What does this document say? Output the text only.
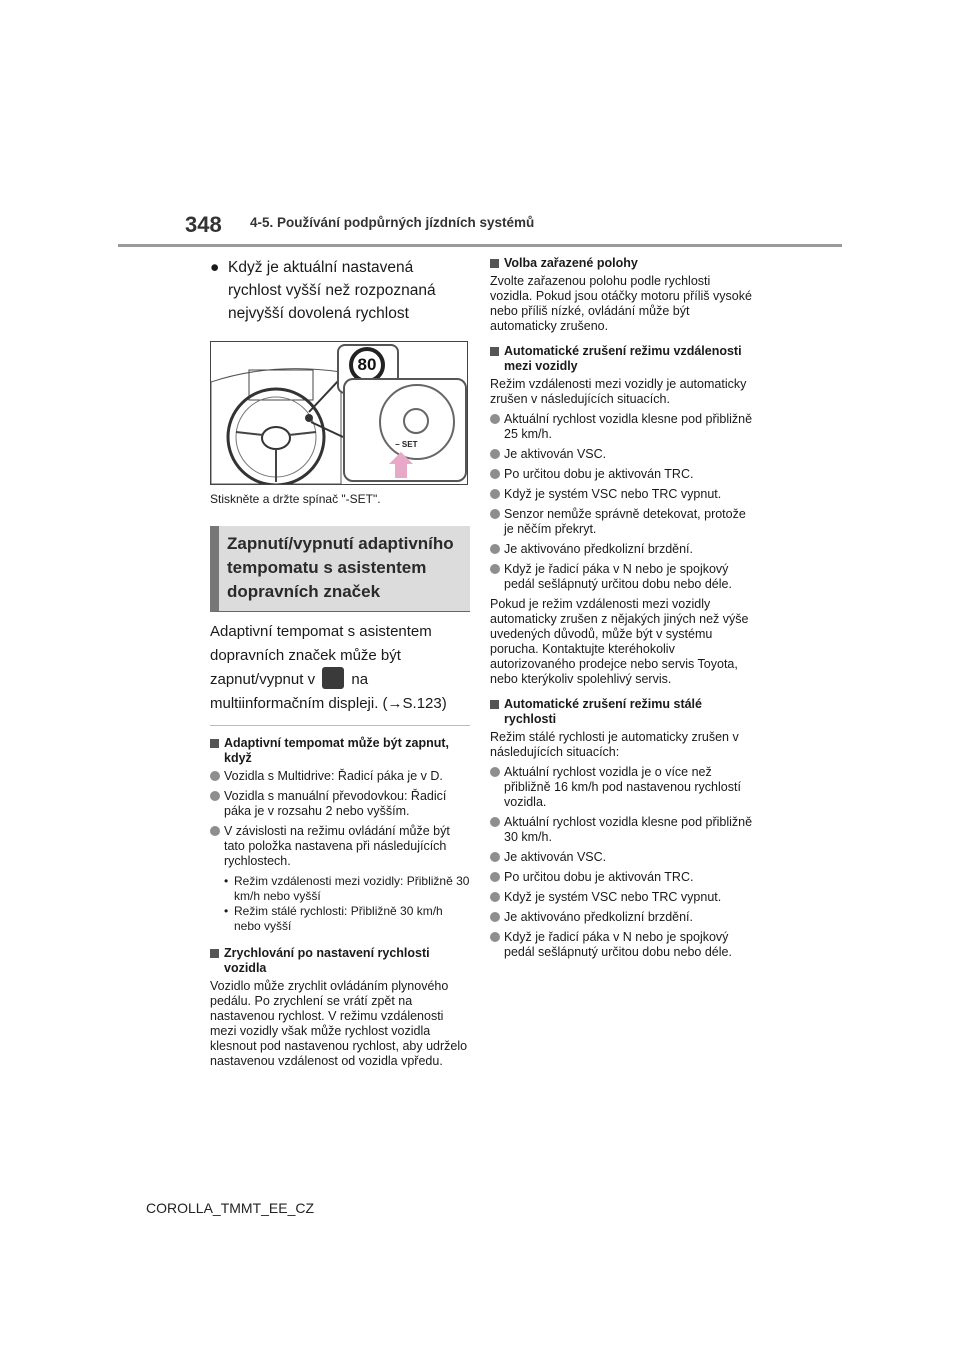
348 4-5. Používání podpůrných jízdních systémů
● Když je aktuální nastavená rychlost vyšší než rozpoznaná nejvyšší dovolená rychlost
80
− SET
Stiskněte a držte spínač "-SET".
Zapnutí/vypnutí adaptivního tempomatu s asistentem dopravních značek
Adaptivní tempomat s asistentem dopravních značek může být zapnut/vypnut v na multiinformačním displeji. (→S.123)
Adaptivní tempomat může být zapnut, když
Vozidla s Multidrive: Řadicí páka je v D.
Vozidla s manuální převodovkou: Řadicí páka je v rozsahu 2 nebo vyšším.
V závislosti na režimu ovládání může být tato položka nastavena při následujících rychlostech.
• Režim vzdálenosti mezi vozidly: Přibližně 30 km/h nebo vyšší
• Režim stálé rychlosti: Přibližně 30 km/h nebo vyšší
Zrychlování po nastavení rychlosti vozidla
Vozidlo může zrychlit ovládáním plynového pedálu. Po zrychlení se vrátí zpět na nastavenou rychlost. V režimu vzdálenosti mezi vozidly však může rychlost vozidla klesnout pod nastavenou rychlost, aby udrželo nastavenou vzdálenost od vozidla vpředu.
Volba zařazené polohy
Zvolte zařazenou polohu podle rychlosti vozidla. Pokud jsou otáčky motoru příliš vysoké nebo příliš nízké, ovládání může být automaticky zrušeno.
Automatické zrušení režimu vzdálenosti mezi vozidly
Režim vzdálenosti mezi vozidly je automaticky zrušen v následujících situacích.
Aktuální rychlost vozidla klesne pod přibližně 25 km/h.
Je aktivován VSC.
Po určitou dobu je aktivován TRC.
Když je systém VSC nebo TRC vypnut.
Senzor nemůže správně detekovat, protože je něčím překryt.
Je aktivováno předkolizní brzdění.
Když je řadicí páka v N nebo je spojkový pedál sešlápnutý určitou dobu nebo déle.
Pokud je režim vzdálenosti mezi vozidly automaticky zrušen z nějakých jiných než výše uvedených důvodů, může být v systému porucha. Kontaktujte kteréhokoliv autorizovaného prodejce nebo servis Toyota, nebo kterýkoliv spolehlivý servis.
Automatické zrušení režimu stálé rychlosti
Režim stálé rychlosti je automaticky zrušen v následujících situacích:
Aktuální rychlost vozidla je o více než přibližně 16 km/h pod nastavenou rychlostí vozidla.
Aktuální rychlost vozidla klesne pod přibližně 30 km/h.
Je aktivován VSC.
Po určitou dobu je aktivován TRC.
Když je systém VSC nebo TRC vypnut.
Je aktivováno předkolizní brzdění.
Když je řadicí páka v N nebo je spojkový pedál sešlápnutý určitou dobu nebo déle.
COROLLA_TMMT_EE_CZ
